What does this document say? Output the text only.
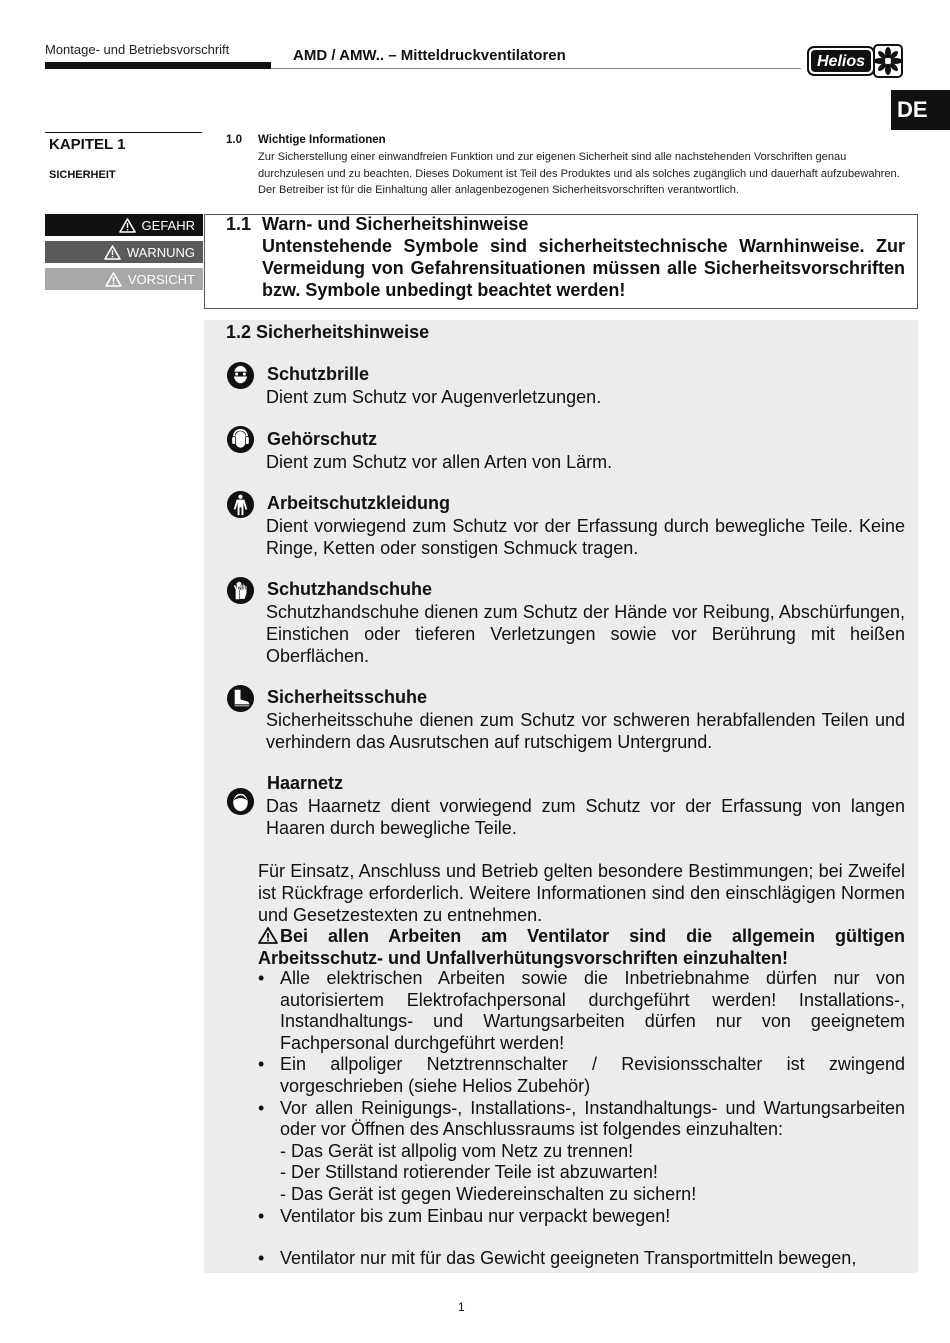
Montage- und Betriebsvorschrift	AMD / AMW.. – Mitteldruckventilatoren	Helios
DE
KAPITEL 1
SICHERHEIT
GEFAHR
WARNUNG
VORSICHT
1.0 Wichtige Informationen
Zur Sicherstellung einer einwandfreien Funktion und zur eigenen Sicherheit sind alle nachstehenden Vorschriften genau durchzulesen und zu beachten. Dieses Dokument ist Teil des Produktes und als solches zugänglich und dauerhaft aufzubewahren. Der Betreiber ist für die Einhaltung aller anlagenbezogenen Sicherheitsvorschriften verantwortlich.
1.1 Warn- und Sicherheitshinweise
Untenstehende Symbole sind sicherheitstechnische Warnhinweise. Zur Vermeidung von Gefahrensituationen müssen alle Sicherheitsvorschriften bzw. Symbole unbedingt beachtet werden!
1.2 Sicherheitshinweise
Schutzbrille
Dient zum Schutz vor Augenverletzungen.
Gehörschutz
Dient zum Schutz vor allen Arten von Lärm.
Arbeitschutzkleidung
Dient vorwiegend zum Schutz vor der Erfassung durch bewegliche Teile. Keine Ringe, Ketten oder sonstigen Schmuck tragen.
Schutzhandschuhe
Schutzhandschuhe dienen zum Schutz der Hände vor Reibung, Abschürfungen, Einstichen oder tieferen Verletzungen sowie vor Berührung mit heißen Oberflächen.
Sicherheitsschuhe
Sicherheitsschuhe dienen zum Schutz vor schweren herabfallenden Teilen und verhindern das Ausrutschen auf rutschigem Untergrund.
Haarnetz
Das Haarnetz dient vorwiegend zum Schutz vor der Erfassung von langen Haaren durch bewegliche Teile.
Für Einsatz, Anschluss und Betrieb gelten besondere Bestimmungen; bei Zweifel ist Rückfrage erforderlich. Weitere Informationen sind den einschlägigen Normen und Gesetzestexten zu entnehmen.
Bei allen Arbeiten am Ventilator sind die allgemein gültigen Arbeitsschutz- und Unfallverhütungsvorschriften einzuhalten!
• Alle elektrischen Arbeiten sowie die Inbetriebnahme dürfen nur von autorisiertem Elektrofachpersonal durchgeführt werden! Installations-, Instandhaltungs- und Wartungsarbeiten dürfen nur von geeignetem Fachpersonal durchgeführt werden!
• Ein allpoliger Netztrennschalter / Revisionsschalter ist zwingend vorgeschrieben (siehe Helios Zubehör)
• Vor allen Reinigungs-, Installations-, Instandhaltungs- und Wartungsarbeiten oder vor Öffnen des Anschlussraums ist folgendes einzuhalten:
- Das Gerät ist allpolig vom Netz zu trennen!
- Der Stillstand rotierender Teile ist abzuwarten!
- Das Gerät ist gegen Wiedereinschalten zu sichern!
• Ventilator bis zum Einbau nur verpackt bewegen!
• Ventilator nur mit für das Gewicht geeigneten Transportmitteln bewegen,
1
